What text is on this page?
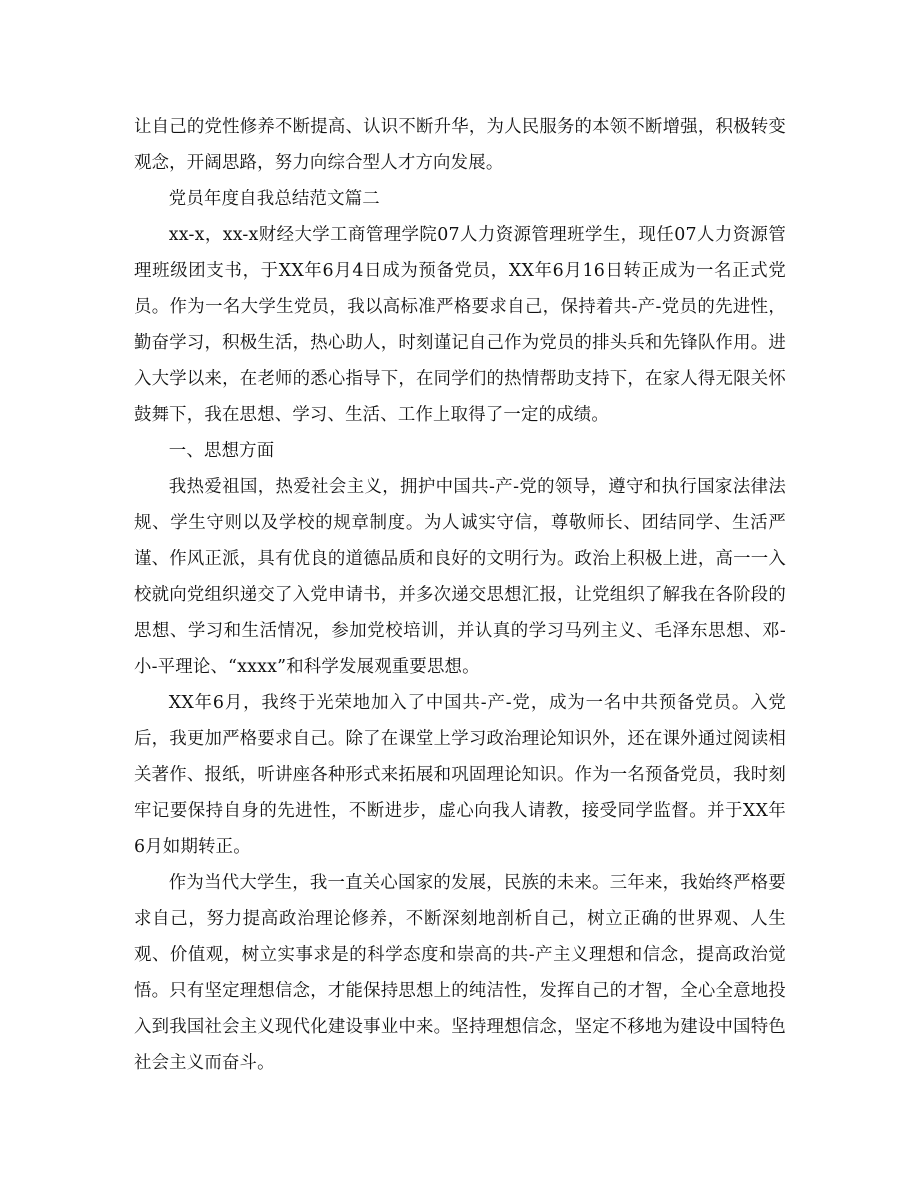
让自己的党性修养不断提高、认识不断升华，为人民服务的本领不断增强，积极转变观念，开阔思路，努力向综合型人才方向发展。

党员年度自我总结范文篇二

xx-x，xx-x财经大学工商管理学院07人力资源管理班学生，现任07人力资源管理班级团支书，于XX年6月4日成为预备党员，XX年6月16日转正成为一名正式党员。作为一名大学生党员，我以高标准严格要求自己，保持着共-产-党员的先进性，勤奋学习，积极生活，热心助人，时刻谨记自己作为党员的排头兵和先锋队作用。进入大学以来，在老师的悉心指导下，在同学们的热情帮助支持下，在家人得无限关怀鼓舞下，我在思想、学习、生活、工作上取得了一定的成绩。

一、思想方面

我热爱祖国，热爱社会主义，拥护中国共-产-党的领导，遵守和执行国家法律法规、学生守则以及学校的规章制度。为人诚实守信，尊敬师长、团结同学、生活严谨、作风正派，具有优良的道德品质和良好的文明行为。政治上积极上进，高一一入校就向党组织递交了入党申请书，并多次递交思想汇报，让党组织了解我在各阶段的思想、学习和生活情况，参加党校培训，并认真的学习马列主义、毛泽东思想、邓-小-平理论、“xxxx”和科学发展观重要思想。

XX年6月，我终于光荣地加入了中国共-产-党，成为一名中共预备党员。入党后，我更加严格要求自己。除了在课堂上学习政治理论知识外，还在课外通过阅读相关著作、报纸，听讲座各种形式来拓展和巩固理论知识。作为一名预备党员，我时刻牢记要保持自身的先进性，不断进步，虚心向我人请教，接受同学监督。并于XX年6月如期转正。

作为当代大学生，我一直关心国家的发展，民族的未来。三年来，我始终严格要求自己，努力提高政治理论修养，不断深刻地剖析自己，树立正确的世界观、人生观、价值观，树立实事求是的科学态度和崇高的共-产主义理想和信念，提高政治觉悟。只有坚定理想信念，才能保持思想上的纯洁性，发挥自己的才智，全心全意地投入到我国社会主义现代化建设事业中来。坚持理想信念，坚定不移地为建设中国特色社会主义而奋斗。
